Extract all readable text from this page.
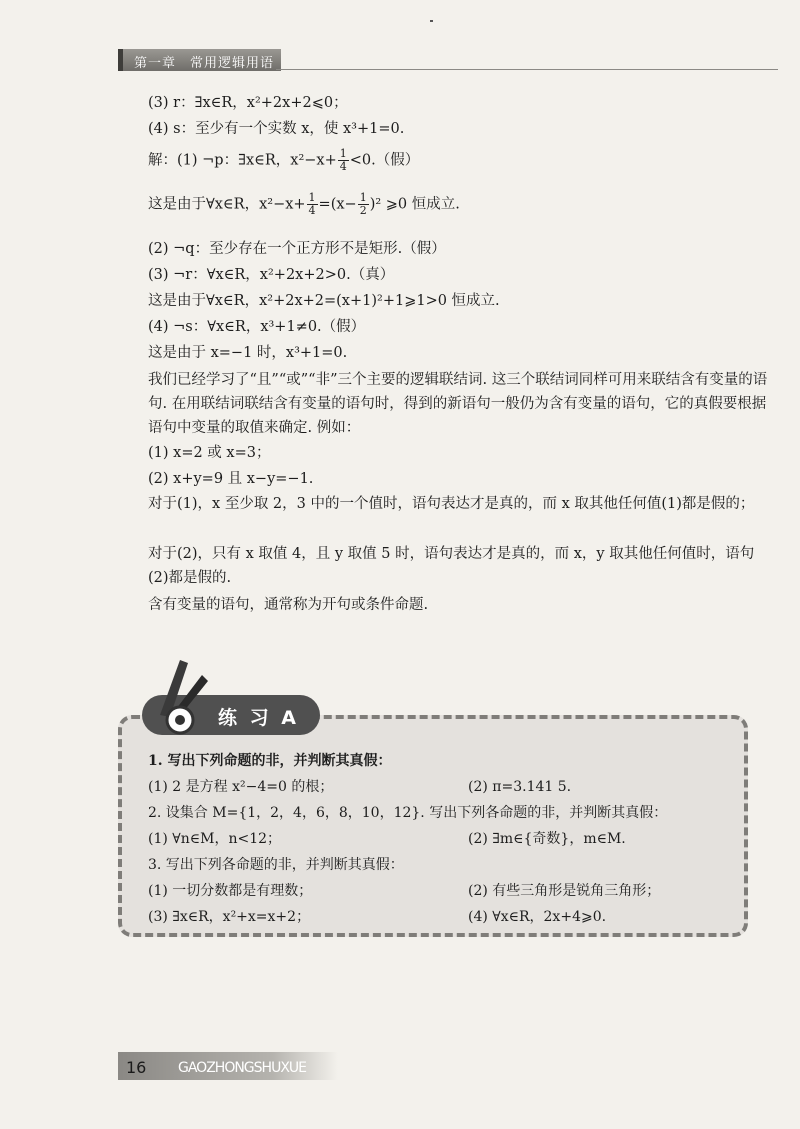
第一章　常用逻辑用语
(3) r：∃x∈R，x²+2x+2⩽0；
(4) s：至少有一个实数 x，使 x³+1=0.
解：(1) ¬p：∃x∈R，$x^2-x+ \frac{1}{4} <0$.（假）
这是由于∀x∈R，$x^2-x+ \frac{1}{4} =(x- \frac{1}{2} )^2$ ⩾0 恒成立.
(2) ¬q：至少存在一个正方形不是矩形.（假）
(3) ¬r：∀x∈R，x²+2x+2>0.（真）
这是由于∀x∈R，x²+2x+2=(x+1)²+1⩾1>0 恒成立.
(4) ¬s：∀x∈R，x³+1≠0.（假）
这是由于 x=−1 时，x³+1=0.
我们已经学习了“且”“或”“非”三个主要的逻辑联结词. 这三个联结词同样可用来联结含有变量的语句. 在用联结词联结含有变量的语句时，得到的新语句一般仍为含有变量的语句，它的真假要根据语句中变量的取值来确定. 例如：
(1) x=2 或 x=3；
(2) x+y=9 且 x−y=−1.
对于(1)，x 至少取 2，3 中的一个值时，语句表达才是真的，而 x 取其他任何值(1)都是假的；
对于(2)，只有 x 取值 4，且 y 取值 5 时，语句表达才是真的，而 x，y 取其他任何值时，语句(2)都是假的.
含有变量的语句，通常称为开句或条件命题.
练 习 A
1. 写出下列命题的非，并判断其真假：
(1) 2 是方程 x²−4=0 的根；	(2) π=3.141 5.
2. 设集合 M={1，2，4，6，8，10，12}. 写出下列各命题的非，并判断其真假：
(1) ∀n∈M，n<12；	(2) ∃m∈{奇数}，m∈M.
3. 写出下列各命题的非，并判断其真假：
(1) 一切分数都是有理数；	(2) 有些三角形是锐角三角形；
(3) ∃x∈R，x²+x=x+2；	(4) ∀x∈R，2x+4⩾0.
16 GAOZHONGSHUXUE
